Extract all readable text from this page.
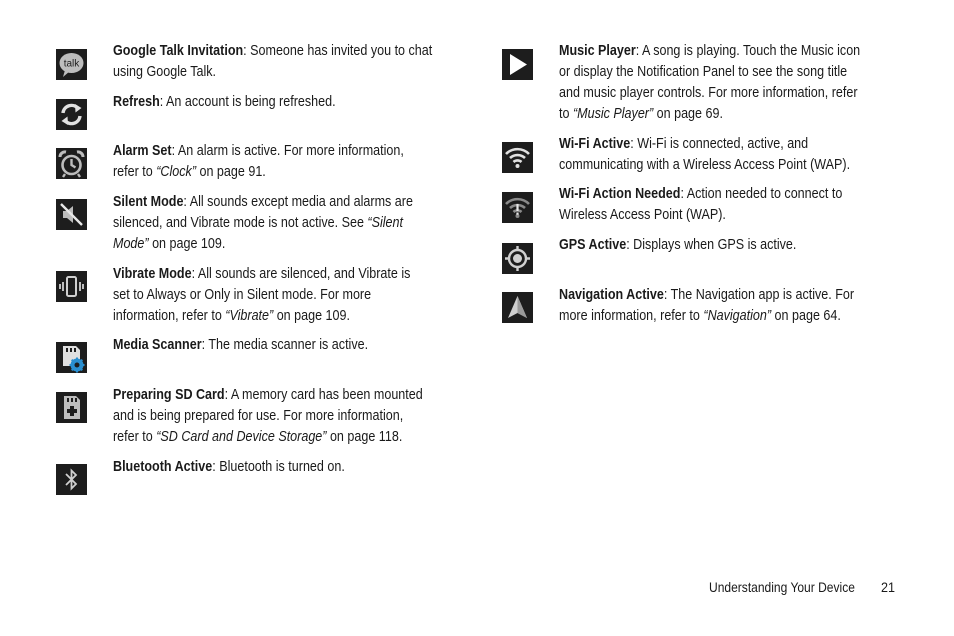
talk
Google Talk Invitation: Someone has invited you to chat
using Google Talk.
Refresh: An account is being refreshed.
Alarm Set: An alarm is active. For more information,
refer to “Clock” on page 91.
Silent Mode: All sounds except media and alarms are
silenced, and Vibrate mode is not active. See “Silent
Mode” on page 109.
Vibrate Mode: All sounds are silenced, and Vibrate is
set to Always or Only in Silent mode. For more
information, refer to “Vibrate” on page 109.
Media Scanner: The media scanner is active.
Preparing SD Card: A memory card has been mounted
and is being prepared for use. For more information,
refer to “SD Card and Device Storage” on page 118.
Bluetooth Active: Bluetooth is turned on.
Music Player: A song is playing. Touch the Music icon
or display the Notification Panel to see the song title
and music player controls. For more information, refer
to “Music Player” on page 69.
Wi-Fi Active: Wi-Fi is connected, active, and
communicating with a Wireless Access Point (WAP).
Wi-Fi Action Needed: Action needed to connect to
Wireless Access Point (WAP).
GPS Active: Displays when GPS is active.
Navigation Active: The Navigation app is active. For
more information, refer to “Navigation” on page 64.
Understanding Your Device 21
